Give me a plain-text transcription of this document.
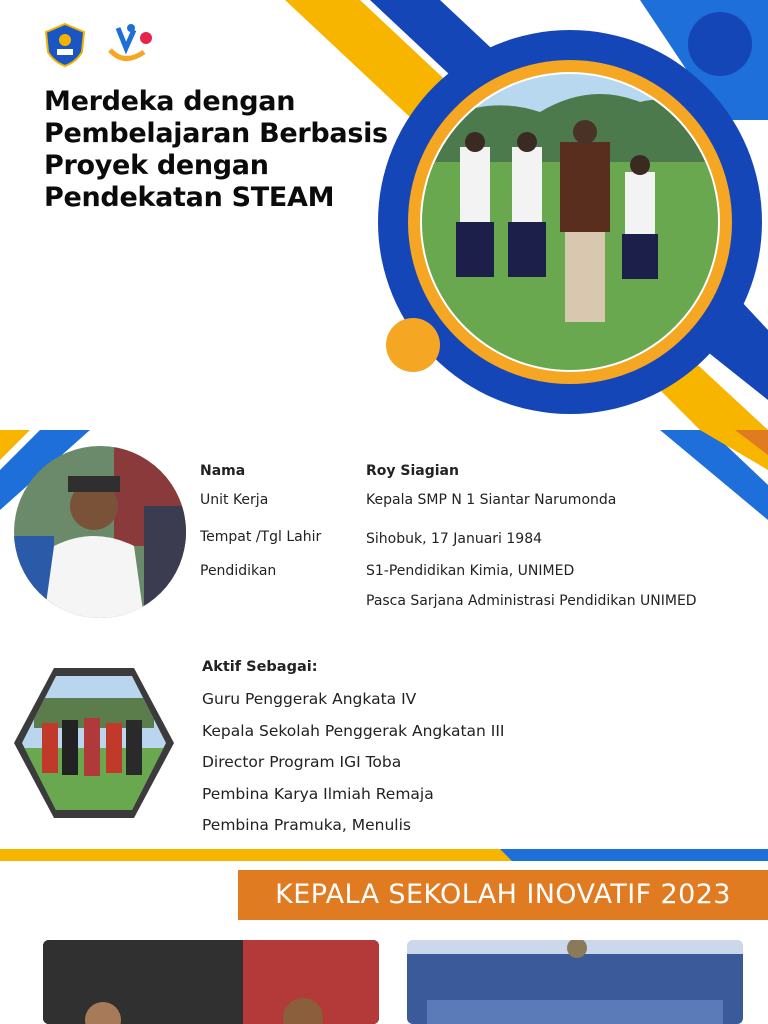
Merdeka dengan
Pembelajaran Berbasis
Proyek dengan
Pendekatan STEAM
Nama	Roy Siagian
Unit Kerja	Kepala SMP N 1 Siantar Narumonda
Tempat /Tgl Lahir	Sihobuk, 17 Januari 1984
Pendidikan	S1-Pendidikan Kimia, UNIMED
Pasca Sarjana Administrasi Pendidikan UNIMED
Aktif Sebagai:
Guru Penggerak Angkata IV
Kepala Sekolah Penggerak Angkatan III
Director Program IGI Toba
Pembina Karya Ilmiah Remaja
Pembina Pramuka, Menulis
KEPALA SEKOLAH INOVATIF 2023
